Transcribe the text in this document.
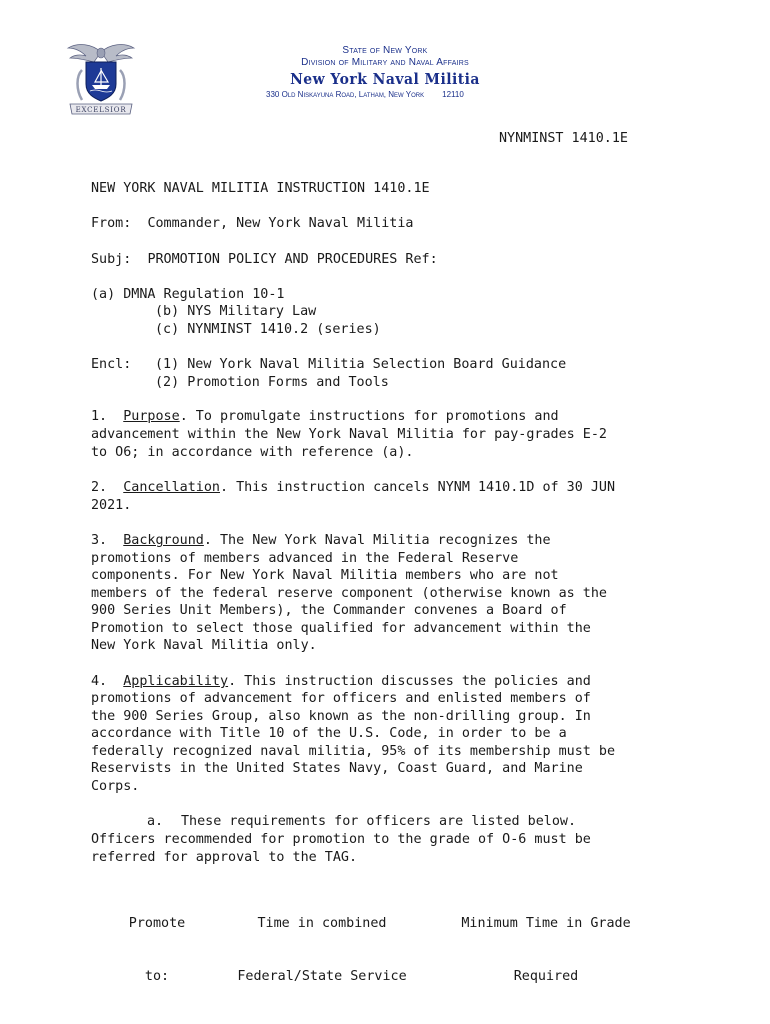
EXCELSIOR
State of New York
Division of Military and Naval Affairs
New York Naval Militia
330 Old Niskayuna Road, Latham, New York 12110
NYNMINST 1410.1E
NEW YORK NAVAL MILITIA INSTRUCTION 1410.1E
From: Commander, New York Naval Militia
Subj: PROMOTION POLICY AND PROCEDURES Ref:
(a) DMNA Regulation 10-1
(b) NYS Military Law
(c) NYNMINST 1410.2 (series)
Encl: (1) New York Naval Militia Selection Board Guidance
(2) Promotion Forms and Tools
1. Purpose. To promulgate instructions for promotions and
advancement within the New York Naval Militia for pay-grades E-2
to O6; in accordance with reference (a).
2. Cancellation. This instruction cancels NYNM 1410.1D of 30 JUN
2021.
3. Background. The New York Naval Militia recognizes the
promotions of members advanced in the Federal Reserve
components. For New York Naval Militia members who are not
members of the federal reserve component (otherwise known as the
900 Series Unit Members), the Commander convenes a Board of
Promotion to select those qualified for advancement within the
New York Naval Militia only.
4. Applicability. This instruction discusses the policies and
promotions of advancement for officers and enlisted members of
the 900 Series Group, also known as the non-drilling group. In
accordance with Title 10 of the U.S. Code, in order to be a
federally recognized naval militia, 95% of its membership must be
Reservists in the United States Navy, Coast Guard, and Marine
Corps.
a. These requirements for officers are listed below.
Officers recommended for promotion to the grade of O-6 must be
referred for approval to the TAG.

Promote

to:

Time in combined

Federal/State Service

Minimum Time in Grade

Required
